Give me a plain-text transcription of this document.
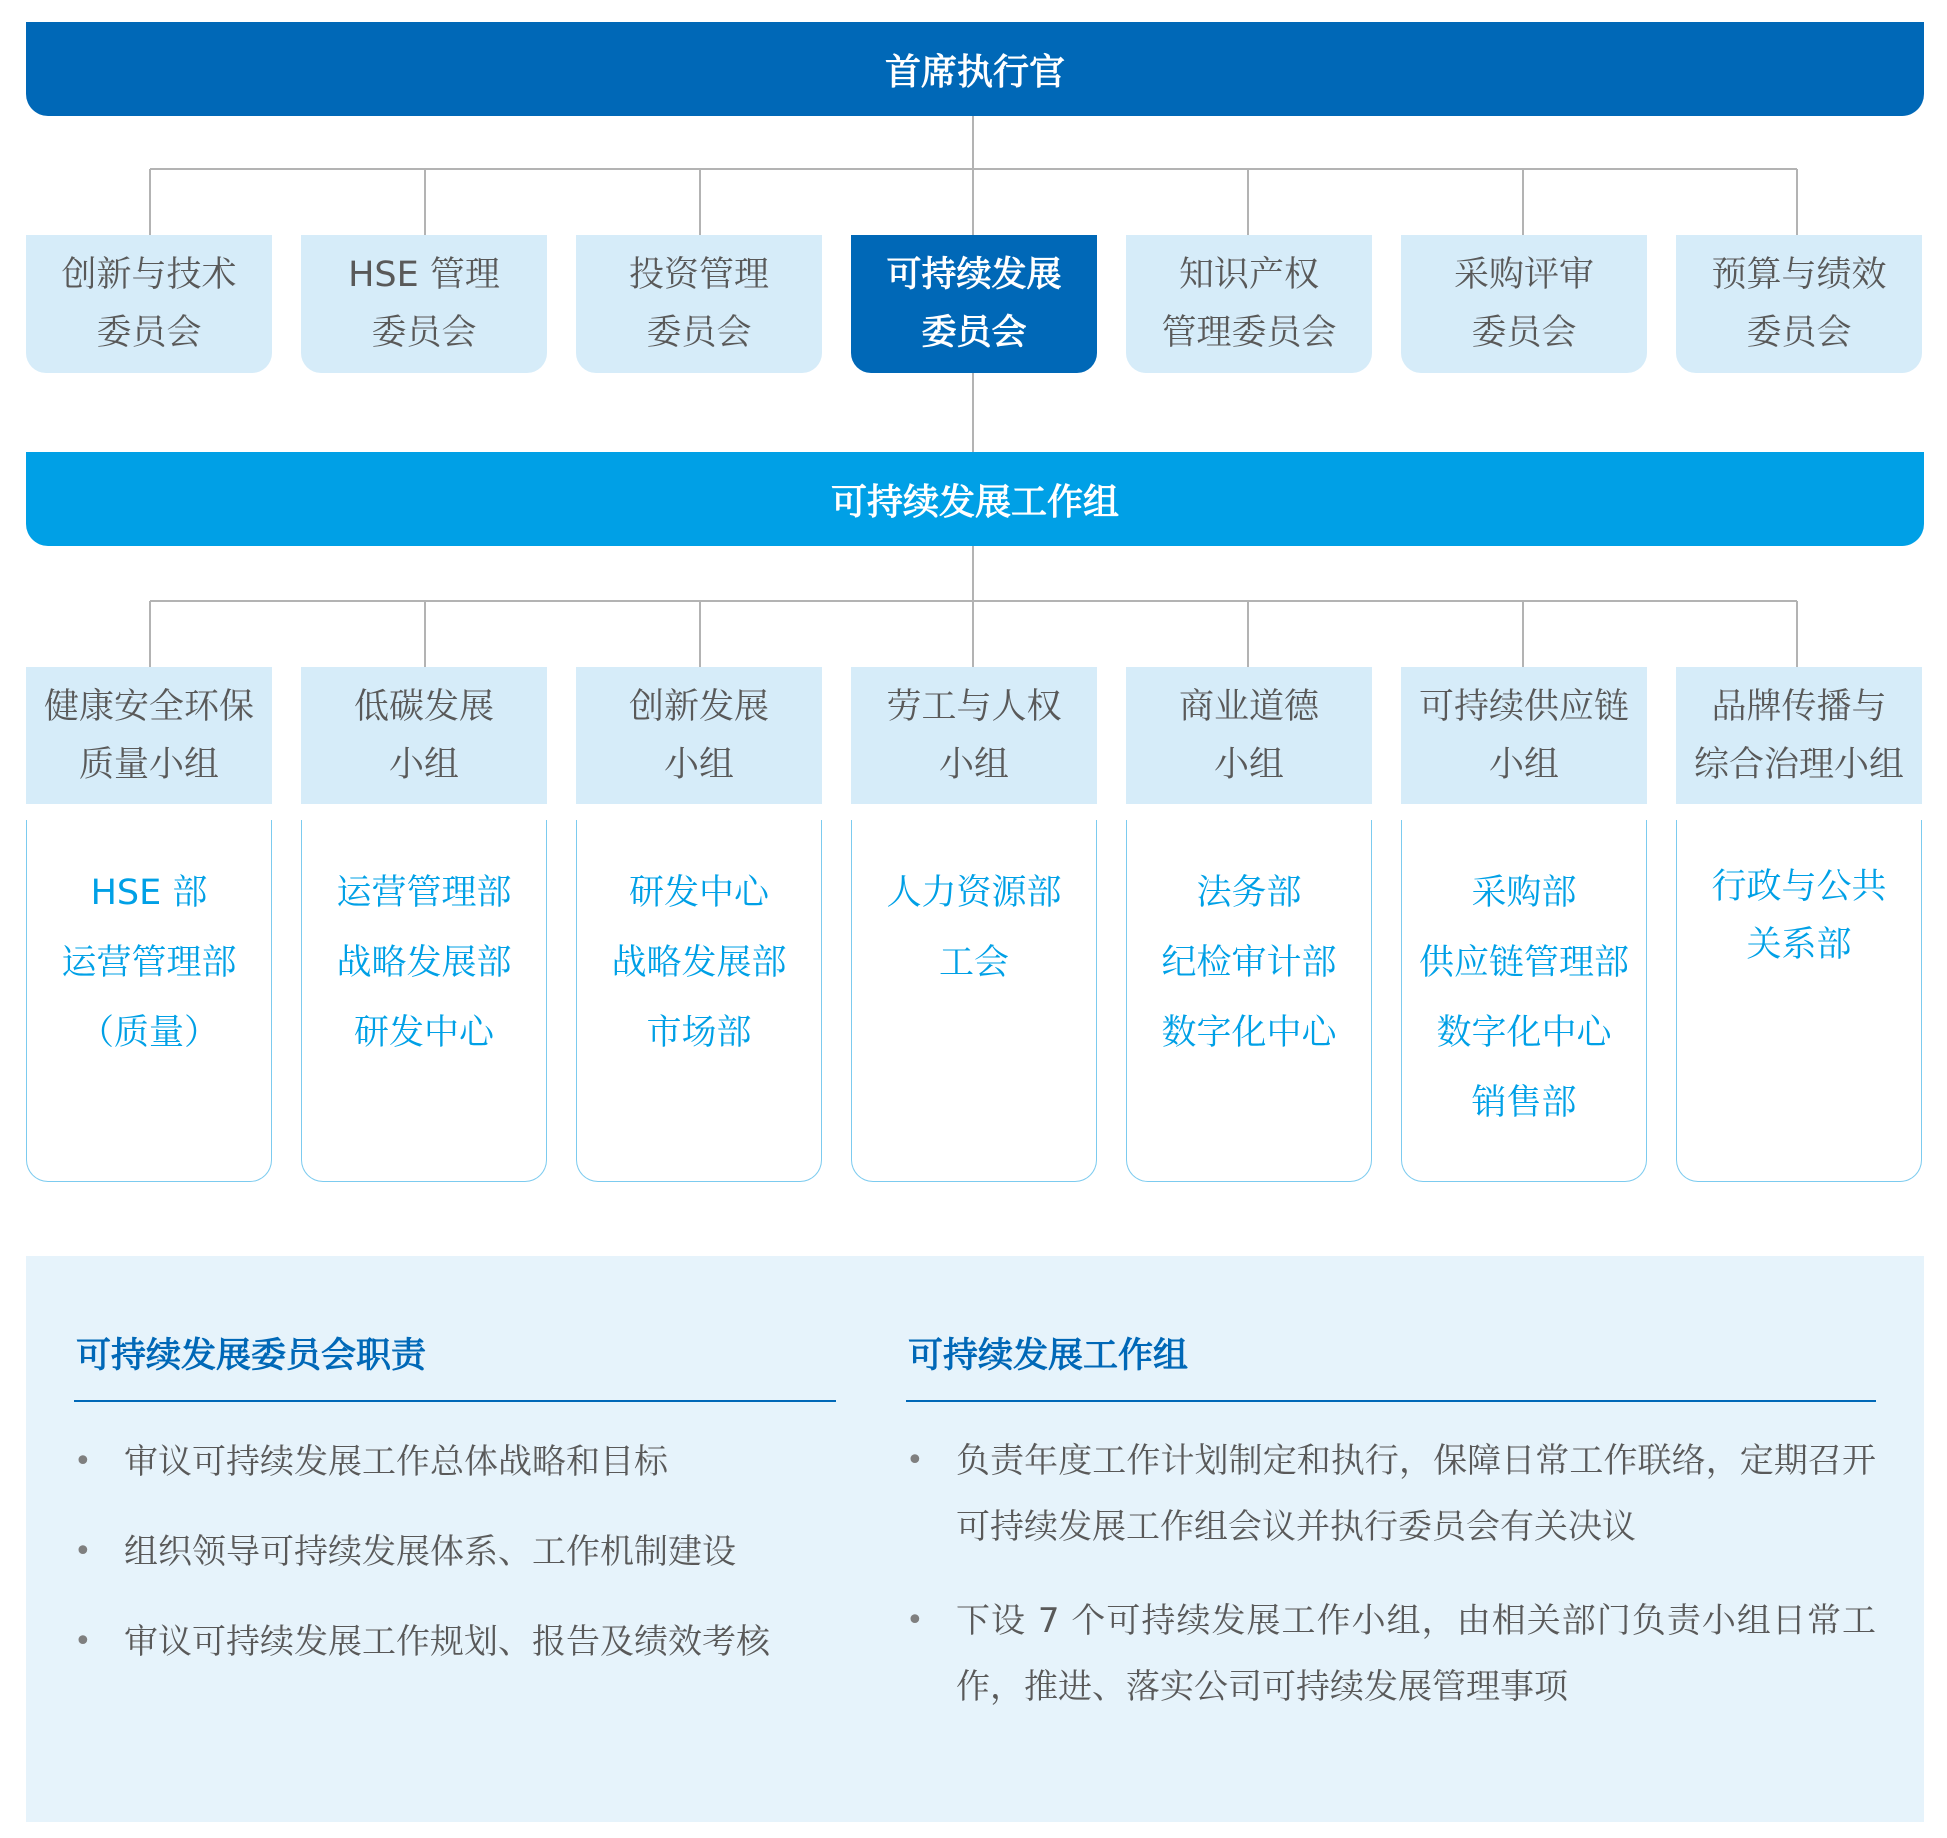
首席执行官
创新与技术
委员会
HSE 管理
委员会
投资管理
委员会
可持续发展
委员会
知识产权
管理委员会
采购评审
委员会
预算与绩效
委员会
可持续发展工作组
健康安全环保
质量小组
低碳发展
小组
创新发展
小组
劳工与人权
小组
商业道德
小组
可持续供应链
小组
品牌传播与
综合治理小组
HSE 部
运营管理部
（质量）
运营管理部
战略发展部
研发中心
研发中心
战略发展部
市场部
人力资源部
工会
法务部
纪检审计部
数字化中心
采购部
供应链管理部
数字化中心
销售部
行政与公共
关系部
可持续发展委员会职责
• 审议可持续发展工作总体战略和目标
• 组织领导可持续发展体系、工作机制建设
• 审议可持续发展工作规划、报告及绩效考核
可持续发展工作组
• 负责年度工作计划制定和执行，保障日常工作联络，定期召开可持续发展工作组会议并执行委员会有关决议
• 下设 7 个可持续发展工作小组，由相关部门负责小组日常工作，推进、落实公司可持续发展管理事项
